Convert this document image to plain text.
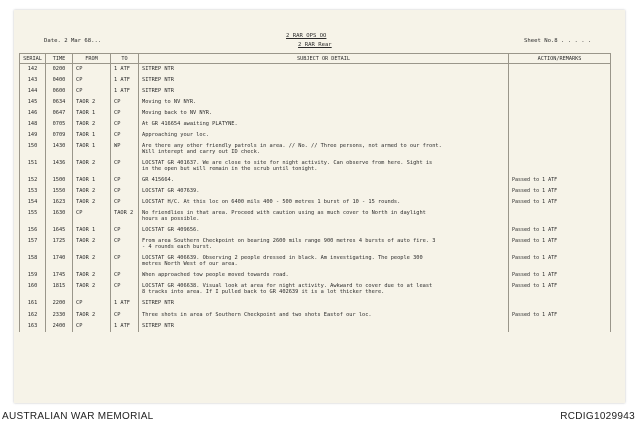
Date. 2 Mar 68...
2 RAR OPS OO
2 RAR Rear
Sheet No.8 . . . . .
SERIAL	TIME	FROM	TO	SUBJECT OR DETAIL	ACTION/REMARKS
142	0200	CP	1 ATF	SITREP NTR	
143	0400	CP	1 ATF	SITREP NTR	
144	0600	CP	1 ATF	SITREP NTR	
145	0634	TAOR 2	CP	Moving to NV NYR.	
146	0647	TAOR 1	CP	Moving back to NV NYR.	
148	0705	TAOR 2	CP	At GR 416654 awaiting PLATYNE.	
149	0709	TAOR 1	CP	Approaching your loc.	
150	1430	TAOR 1	WP	Are there any other friendly patrols in area. // No. // Three persons, not armed to our front.
Will interept and carry out ID check.	
151	1436	TAOR 2	CP	LOCSTAT GR 401637. We are close to site for night activity. Can observe from here. Sight is
in the open but will remain in the scrub until tonight.	
152	1500	TAOR 1	CP	GR 415664.	Passed to 1 ATF
153	1550	TAOR 2	CP	LOCSTAT GR 407639.	Passed to 1 ATF
154	1623	TAOR 2	CP	LOCSTAT H/C. At this loc on 6400 mils 400 - 500 metres 1 burst of 10 - 15 rounds.	Passed to 1 ATF
155	1630	CP	TAOR 2	No friendlies in that area. Proceed with caution using as much cover to North in daylight
hours as possible.	
156	1645	TAOR 1	CP	LOCSTAT GR 409656.	Passed to 1 ATF
157	1725	TAOR 2	CP	From area Southern Checkpoint on bearing 2600 mils range 900 metres 4 bursts of auto fire. 3
- 4 rounds each burst.	Passed to 1 ATF
158	1740	TAOR 2	CP	LOCSTAT GR 406639. Observing 2 people dressed in black. Am investigating. The people 300
metres North West of our area.	Passed to 1 ATF
159	1745	TAOR 2	CP	When approached tow people moved towards road.	Passed to 1 ATF
160	1815	TAOR 2	CP	LOCSTAT GR 406638. Visual look at area for night activity. Awkward to cover due to at least
8 tracks into area. If I pulled back to GR 402639 it is a lot thicker there.	Passed to 1 ATF
161	2200	CP	1 ATF	SITREP NTR	
162	2330	TAOR 2	CP	Three shots in area of Southern Checkpoint and two shots Eastof our loc.	Passed to 1 ATF
163	2400	CP	1 ATF	SITREP NTR	
AUSTRALIAN WAR MEMORIAL	RCDIG1029943
